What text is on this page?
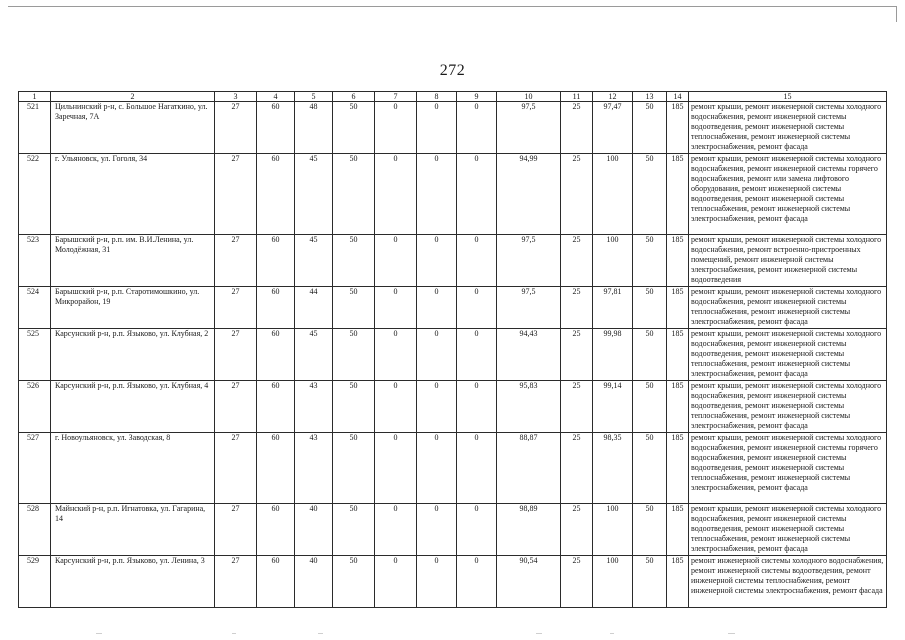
272
1	2	3	4	5	6	7	8	9	10	11	12	13	14	15
521	Цильнинский р-н, с. Большое Нагаткино, ул. Заречная, 7А	27	60	48	50	0	0	0	97,5	25	97,47	50	185	ремонт крыши, ремонт инженерной системы холодного водоснабжения, ремонт инженерной системы водоотведения, ремонт инженерной системы теплоснабжения, ремонт инженерной системы электроснабжения, ремонт фасада
522	г. Ульяновск, ул. Гоголя, 34	27	60	45	50	0	0	0	94,99	25	100	50	185	ремонт крыши, ремонт инженерной системы холодного водоснабжения, ремонт инженерной системы горячего водоснабжения, ремонт или замена лифтового оборудования, ремонт инженерной системы водоотведения, ремонт инженерной системы теплоснабжения, ремонт инженерной системы электроснабжения, ремонт фасада
523	Барышский р-н, р.п. им. В.И.Ленина, ул. Молодёжная, 31	27	60	45	50	0	0	0	97,5	25	100	50	185	ремонт крыши, ремонт инженерной системы холодного водоснабжения, ремонт встроенно-пристроенных помещений, ремонт инженерной системы электроснабжения, ремонт инженерной системы водоотведения
524	Барышский р-н, р.п. Старотимошкино, ул. Микрорайон, 19	27	60	44	50	0	0	0	97,5	25	97,81	50	185	ремонт крыши, ремонт инженерной системы холодного водоснабжения, ремонт инженерной системы теплоснабжения, ремонт инженерной системы электроснабжения, ремонт фасада
525	Карсунский р-н, р.п. Языково, ул. Клубная, 2	27	60	45	50	0	0	0	94,43	25	99,98	50	185	ремонт крыши, ремонт инженерной системы холодного водоснабжения, ремонт инженерной системы водоотведения, ремонт инженерной системы теплоснабжения, ремонт инженерной системы электроснабжения, ремонт фасада
526	Карсунский р-н, р.п. Языково, ул. Клубная, 4	27	60	43	50	0	0	0	95,83	25	99,14	50	185	ремонт крыши, ремонт инженерной системы холодного водоснабжения, ремонт инженерной системы водоотведения, ремонт инженерной системы теплоснабжения, ремонт инженерной системы электроснабжения, ремонт фасада
527	г. Новоульяновск, ул. Заводская, 8	27	60	43	50	0	0	0	88,87	25	98,35	50	185	ремонт крыши, ремонт инженерной системы холодного водоснабжения, ремонт инженерной системы горячего водоснабжения, ремонт инженерной системы водоотведения, ремонт инженерной системы теплоснабжения, ремонт инженерной системы электроснабжения, ремонт фасада
528	Майнский р-н, р.п. Игнатовка, ул. Гагарина, 14	27	60	40	50	0	0	0	98,89	25	100	50	185	ремонт крыши, ремонт инженерной системы холодного водоснабжения, ремонт инженерной системы водоотведения, ремонт инженерной системы теплоснабжения, ремонт инженерной системы электроснабжения, ремонт фасада
529	Карсунский р-н, р.п. Языково, ул. Ленина, 3	27	60	40	50	0	0	0	90,54	25	100	50	185	ремонт инженерной системы холодного водоснабжения, ремонт инженерной системы водоотведения, ремонт инженерной системы теплоснабжения, ремонт инженерной системы электроснабжения, ремонт фасада
